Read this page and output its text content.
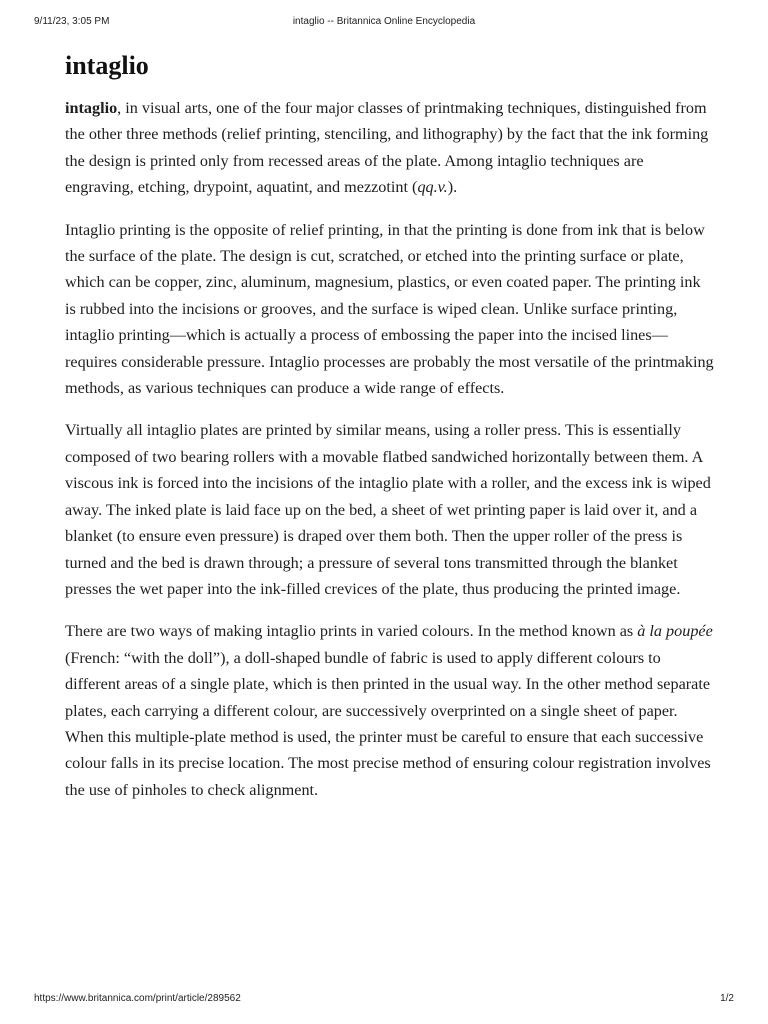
9/11/23, 3:05 PM	intaglio -- Britannica Online Encyclopedia
intaglio

intaglio, in visual arts, one of the four major classes of printmaking techniques, distinguished from the other three methods (relief printing, stenciling, and lithography) by the fact that the ink forming the design is printed only from recessed areas of the plate. Among intaglio techniques are engraving, etching, drypoint, aquatint, and mezzotint (qq.v.).

Intaglio printing is the opposite of relief printing, in that the printing is done from ink that is below the surface of the plate. The design is cut, scratched, or etched into the printing surface or plate, which can be copper, zinc, aluminum, magnesium, plastics, or even coated paper. The printing ink is rubbed into the incisions or grooves, and the surface is wiped clean. Unlike surface printing, intaglio printing—which is actually a process of embossing the paper into the incised lines—requires considerable pressure. Intaglio processes are probably the most versatile of the printmaking methods, as various techniques can produce a wide range of effects.

Virtually all intaglio plates are printed by similar means, using a roller press. This is essentially composed of two bearing rollers with a movable flatbed sandwiched horizontally between them. A viscous ink is forced into the incisions of the intaglio plate with a roller, and the excess ink is wiped away. The inked plate is laid face up on the bed, a sheet of wet printing paper is laid over it, and a blanket (to ensure even pressure) is draped over them both. Then the upper roller of the press is turned and the bed is drawn through; a pressure of several tons transmitted through the blanket presses the wet paper into the ink-filled crevices of the plate, thus producing the printed image.

There are two ways of making intaglio prints in varied colours. In the method known as à la poupée (French: “with the doll”), a doll-shaped bundle of fabric is used to apply different colours to different areas of a single plate, which is then printed in the usual way. In the other method separate plates, each carrying a different colour, are successively overprinted on a single sheet of paper. When this multiple-plate method is used, the printer must be careful to ensure that each successive colour falls in its precise location. The most precise method of ensuring colour registration involves the use of pinholes to check alignment.

https://www.britannica.com/print/article/289562	1/2
